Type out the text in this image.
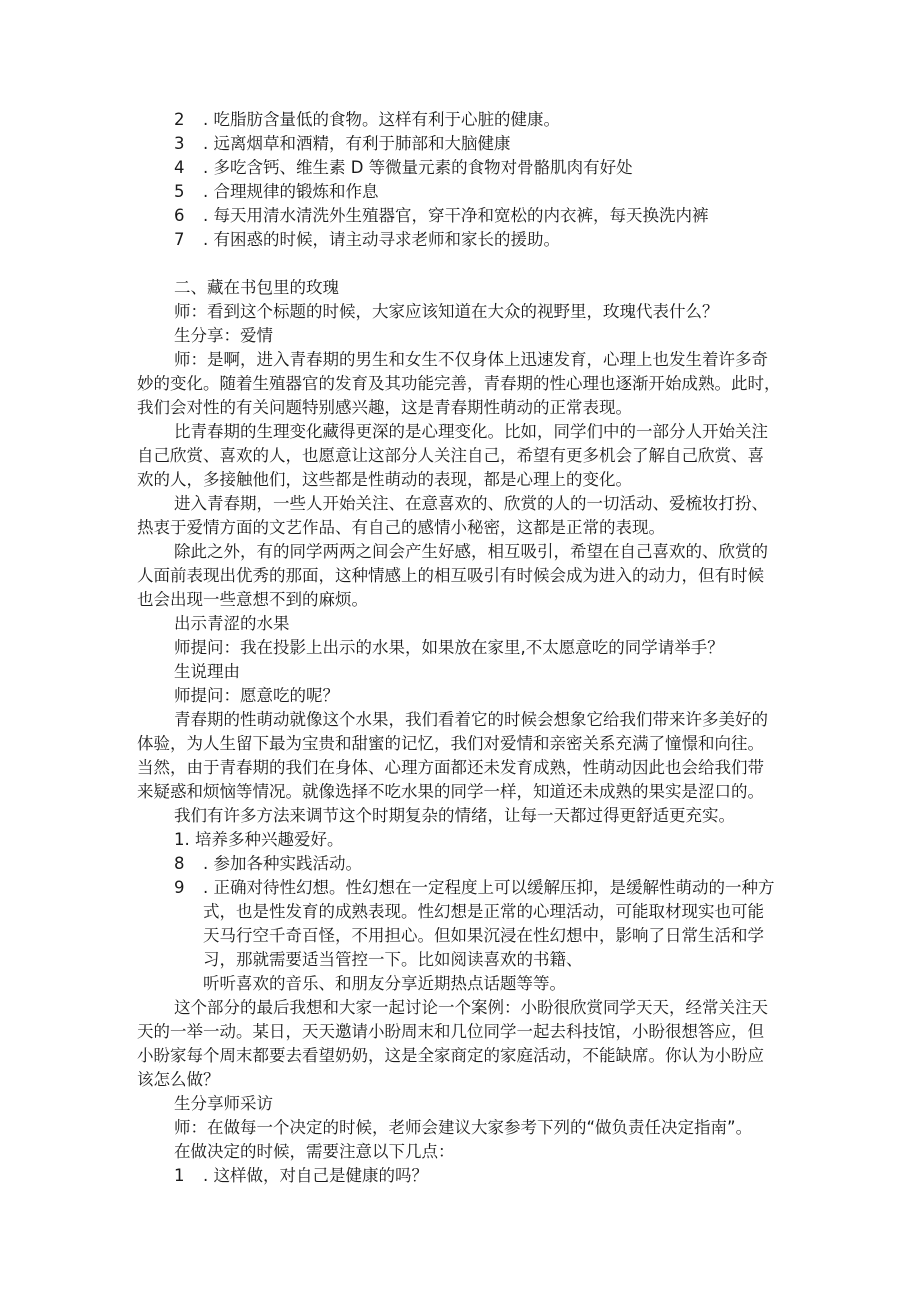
2 . 吃脂肪含量低的食物。这样有利于心脏的健康。
3 . 远离烟草和酒精，有利于肺部和大脑健康
4 . 多吃含钙、维生素 D 等微量元素的食物对骨骼肌肉有好处
5 . 合理规律的锻炼和作息
6 . 每天用清水清洗外生殖器官，穿干净和宽松的内衣裤，每天换洗内裤
7 . 有困惑的时候，请主动寻求老师和家长的援助。
二、藏在书包里的玫瑰
师：看到这个标题的时候，大家应该知道在大众的视野里，玫瑰代表什么？
生分享：爱情
师：是啊，进入青春期的男生和女生不仅身体上迅速发育，心理上也发生着许多奇
妙的变化。随着生殖器官的发育及其功能完善，青春期的性心理也逐渐开始成熟。此时，
我们会对性的有关问题特别感兴趣，这是青春期性萌动的正常表现。
比青春期的生理变化藏得更深的是心理变化。比如，同学们中的一部分人开始关注
自己欣赏、喜欢的人，也愿意让这部分人关注自己，希望有更多机会了解自己欣赏、喜
欢的人，多接触他们，这些都是性萌动的表现，都是心理上的变化。
进入青春期，一些人开始关注、在意喜欢的、欣赏的人的一切活动、爱梳妆打扮、
热衷于爱情方面的文艺作品、有自己的感情小秘密，这都是正常的表现。
除此之外，有的同学两两之间会产生好感，相互吸引，希望在自己喜欢的、欣赏的
人面前表现出优秀的那面，这种情感上的相互吸引有时候会成为进入的动力，但有时候
也会出现一些意想不到的麻烦。
出示青涩的水果
师提问：我在投影上出示的水果，如果放在家里,不太愿意吃的同学请举手？
生说理由
师提问：愿意吃的呢？
青春期的性萌动就像这个水果，我们看着它的时候会想象它给我们带来许多美好的
体验，为人生留下最为宝贵和甜蜜的记忆，我们对爱情和亲密关系充满了憧憬和向往。
当然，由于青春期的我们在身体、心理方面都还未发育成熟，性萌动因此也会给我们带
来疑惑和烦恼等情况。就像选择不吃水果的同学一样，知道还未成熟的果实是涩口的。
我们有许多方法来调节这个时期复杂的情绪，让每一天都过得更舒适更充实。
1. 培养多种兴趣爱好。
8 . 参加各种实践活动。
9 . 正确对待性幻想。性幻想在一定程度上可以缓解压抑，是缓解性萌动的一种方
式，也是性发育的成熟表现。性幻想是正常的心理活动，可能取材现实也可能
天马行空千奇百怪，不用担心。但如果沉浸在性幻想中，影响了日常生活和学
习，那就需要适当管控一下。比如阅读喜欢的书籍、
听听喜欢的音乐、和朋友分享近期热点话题等等。
这个部分的最后我想和大家一起讨论一个案例：小盼很欣赏同学天天，经常关注天
天的一举一动。某日，天天邀请小盼周末和几位同学一起去科技馆，小盼很想答应，但
小盼家每个周末都要去看望奶奶，这是全家商定的家庭活动，不能缺席。你认为小盼应
该怎么做？
生分享师采访
师：在做每一个决定的时候，老师会建议大家参考下列的“做负责任决定指南”。
在做决定的时候，需要注意以下几点：
1 . 这样做，对自己是健康的吗？
